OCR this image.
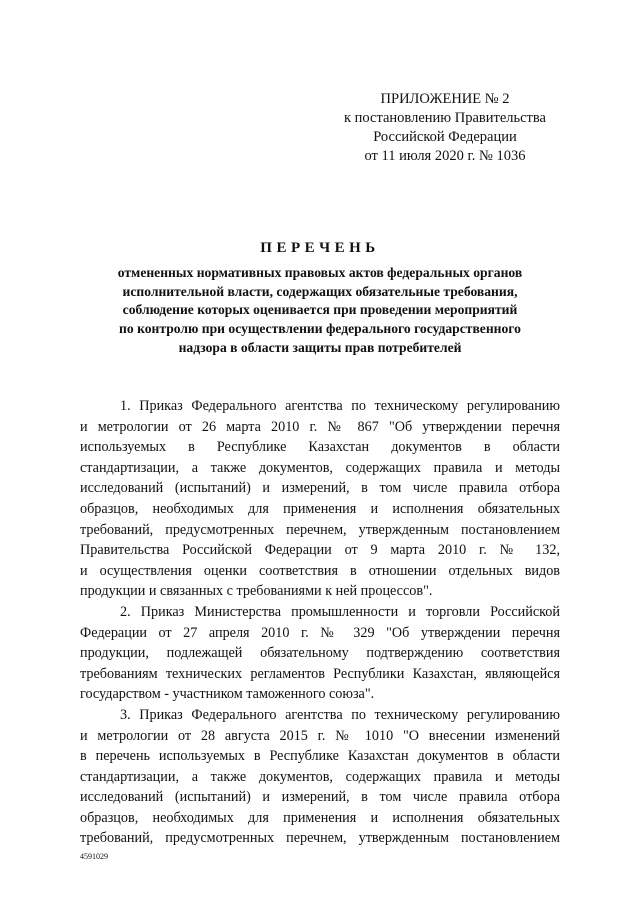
ПРИЛОЖЕНИЕ № 2
к постановлению Правительства
Российской Федерации
от 11 июля 2020 г. № 1036
ПЕРЕЧЕНЬ
отмененных нормативных правовых актов федеральных органов
исполнительной власти, содержащих обязательные требования,
соблюдение которых оценивается при проведении мероприятий
по контролю при осуществлении федерального государственного
надзора в области защиты прав потребителей
1. Приказ Федерального агентства по техническому регулированию
и метрологии от 26 марта 2010 г. № 867 "Об утверждении перечня
используемых в Республике Казахстан документов в области
стандартизации, а также документов, содержащих правила и методы
исследований (испытаний) и измерений, в том числе правила отбора
образцов, необходимых для применения и исполнения обязательных
требований, предусмотренных перечнем, утвержденным постановлением
Правительства Российской Федерации от 9 марта 2010 г. № 132,
и осуществления оценки соответствия в отношении отдельных видов
продукции и связанных с требованиями к ней процессов".
2. Приказ Министерства промышленности и торговли Российской
Федерации от 27 апреля 2010 г. № 329 "Об утверждении перечня
продукции, подлежащей обязательному подтверждению соответствия
требованиям технических регламентов Республики Казахстан, являющейся
государством - участником таможенного союза".
3. Приказ Федерального агентства по техническому регулированию
и метрологии от 28 августа 2015 г. № 1010 "О внесении изменений
в перечень используемых в Республике Казахстан документов в области
стандартизации, а также документов, содержащих правила и методы
исследований (испытаний) и измерений, в том числе правила отбора
образцов, необходимых для применения и исполнения обязательных
требований, предусмотренных перечнем, утвержденным постановлением
4591029
